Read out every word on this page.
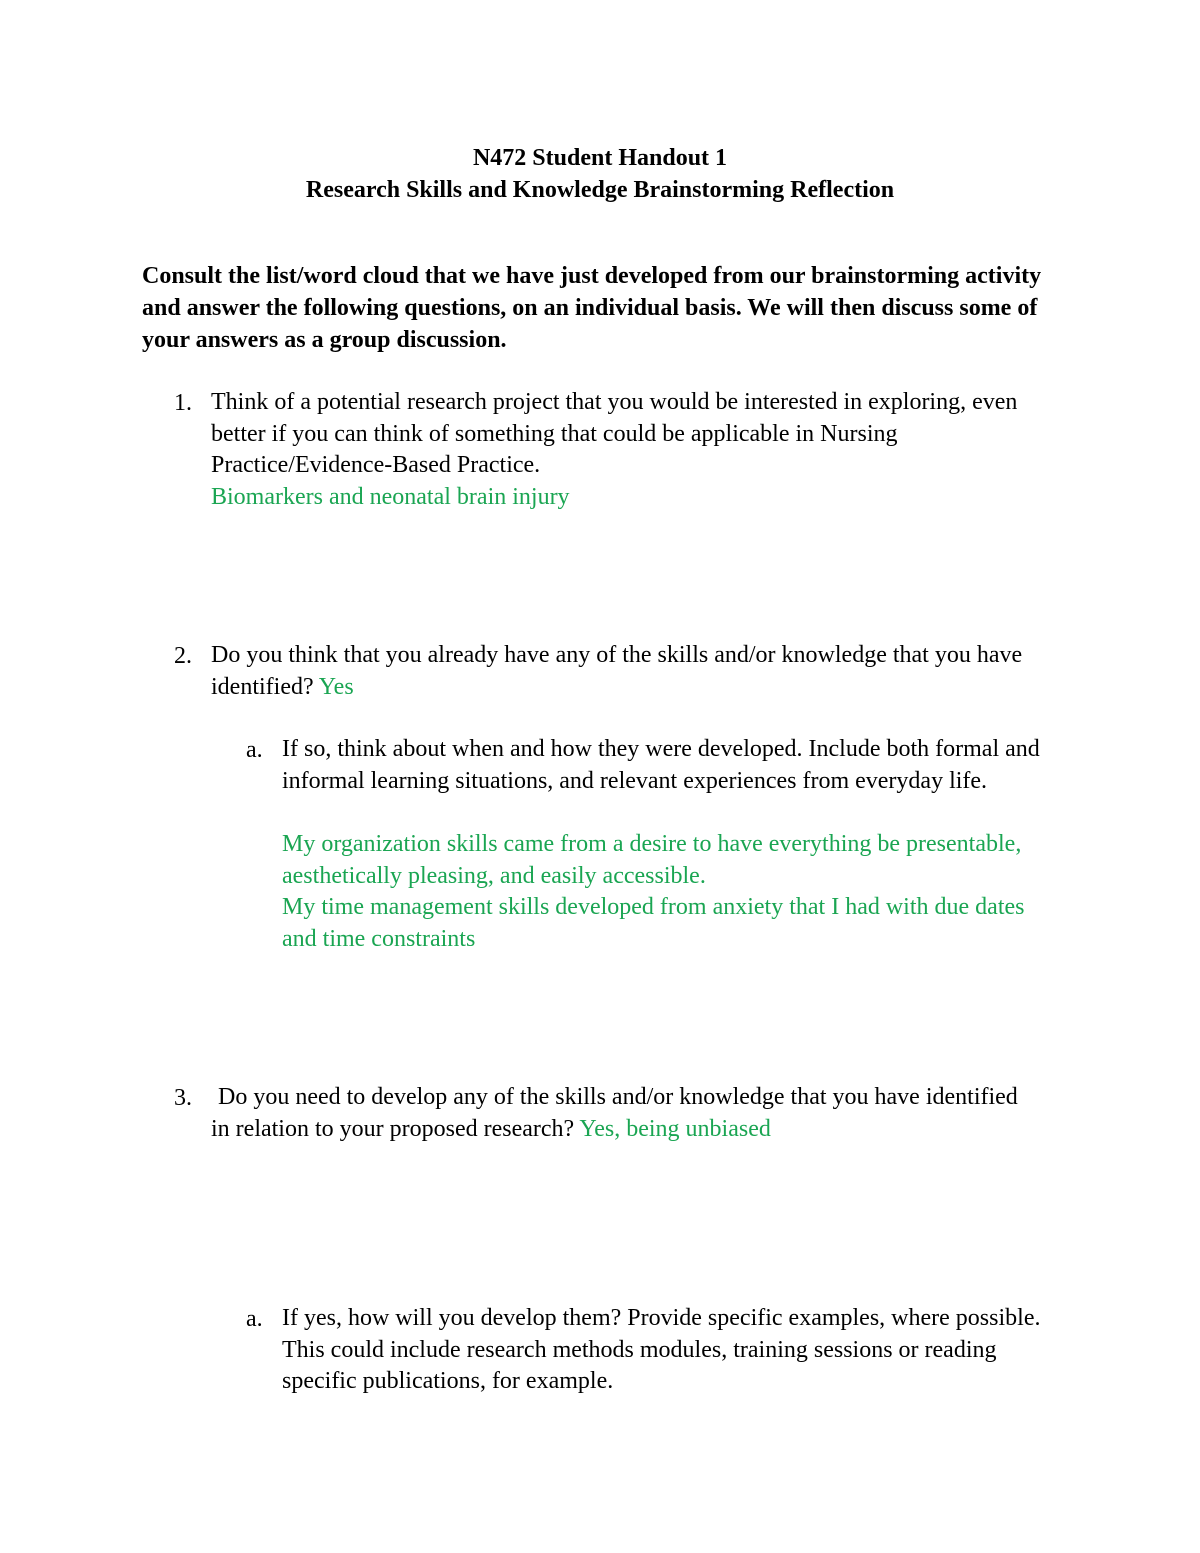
N472 Student Handout 1
Research Skills and Knowledge Brainstorming Reflection
Consult the list/word cloud that we have just developed from our brainstorming activity and answer the following questions, on an individual basis. We will then discuss some of your answers as a group discussion.
1. Think of a potential research project that you would be interested in exploring, even better if you can think of something that could be applicable in Nursing Practice/Evidence-Based Practice.
Biomarkers and neonatal brain injury
2. Do you think that you already have any of the skills and/or knowledge that you have identified? Yes
a. If so, think about when and how they were developed. Include both formal and informal learning situations, and relevant experiences from everyday life.
My organization skills came from a desire to have everything be presentable, aesthetically pleasing, and easily accessible.
My time management skills developed from anxiety that I had with due dates and time constraints
3. Do you need to develop any of the skills and/or knowledge that you have identified in relation to your proposed research? Yes, being unbiased
a. If yes, how will you develop them? Provide specific examples, where possible. This could include research methods modules, training sessions or reading specific publications, for example.
